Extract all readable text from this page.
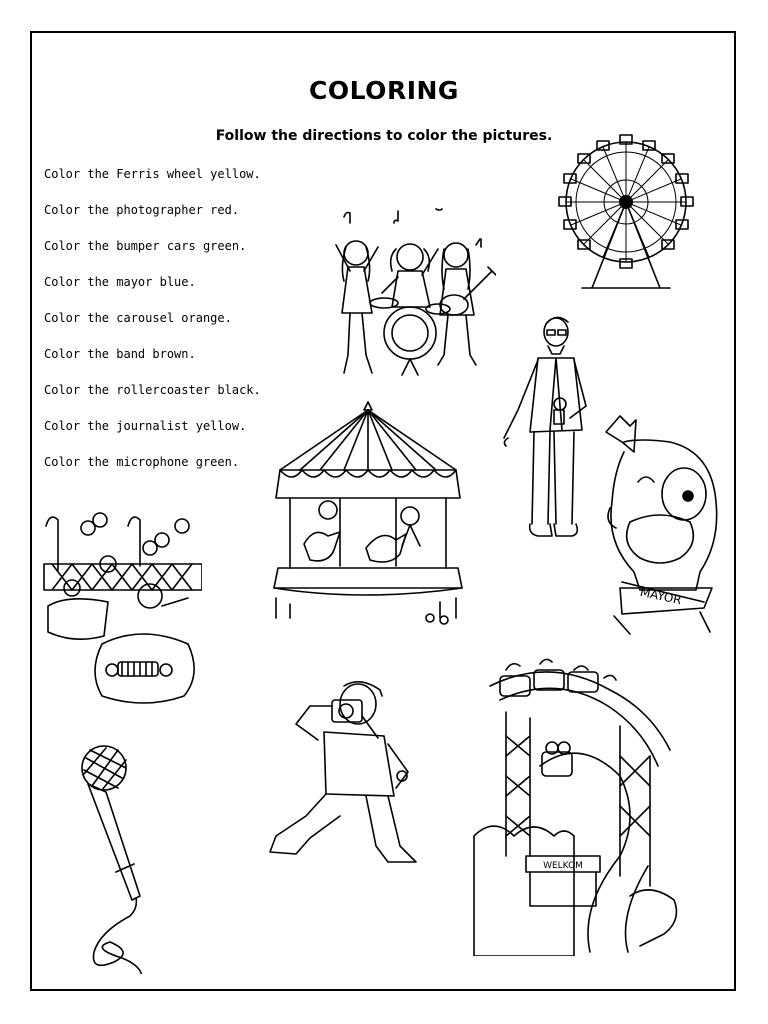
COLORING
Follow the directions to color the pictures.
Color the Ferris wheel yellow.
Color the photographer red.
Color the bumper cars green.
Color the mayor blue.
Color the carousel orange.
Color the band brown.
Color the rollercoaster black.
Color the journalist yellow.
Color the microphone green.
MAYOR
WELKOM
